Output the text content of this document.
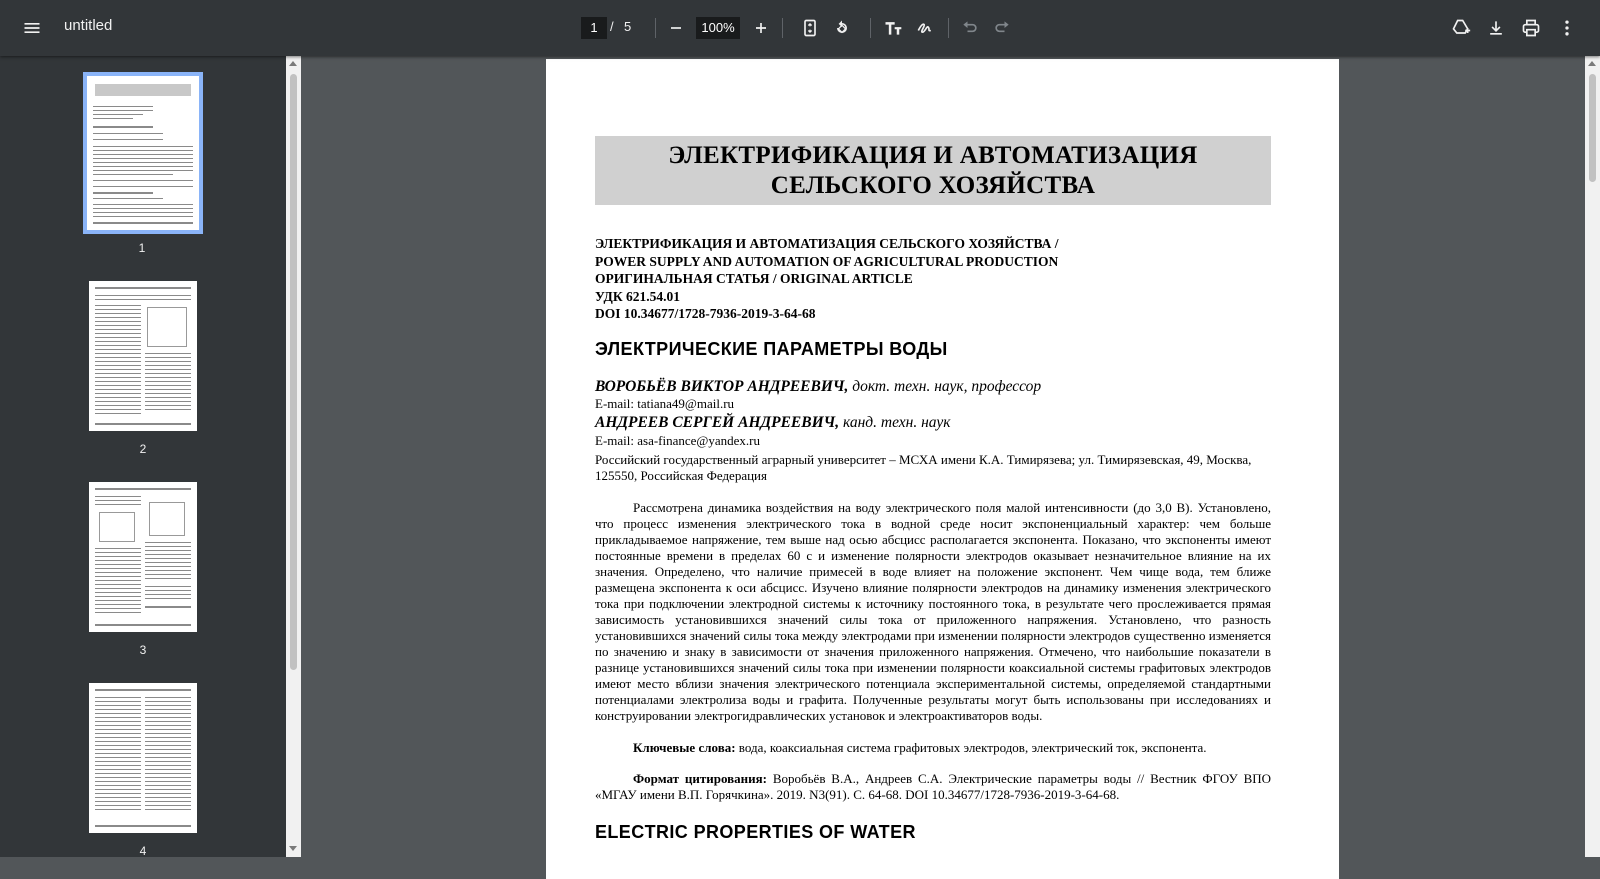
untitled	1 / 5	100%
1
2
3
4
ЭЛЕКТРИФИКАЦИЯ И АВТОМАТИЗАЦИЯ
СЕЛЬСКОГО ХОЗЯЙСТВА
ЭЛЕКТРИФИКАЦИЯ И АВТОМАТИЗАЦИЯ СЕЛЬСКОГО ХОЗЯЙСТВА /
POWER SUPPLY AND AUTOMATION OF AGRICULTURAL PRODUCTION
ОРИГИНАЛЬНАЯ СТАТЬЯ / ORIGINAL ARTICLE
УДК 621.54.01
DOI 10.34677/1728-7936-2019-3-64-68
ЭЛЕКТРИЧЕСКИЕ ПАРАМЕТРЫ ВОДЫ
ВОРОБЬЁВ ВИКТОР АНДРЕЕВИЧ, докт. техн. наук, профессор
E-mail: tatiana49@mail.ru
АНДРЕЕВ СЕРГЕЙ АНДРЕЕВИЧ, канд. техн. наук
E-mail: asa-finance@yandex.ru
Российский государственный аграрный университет – МСХА имени К.А. Тимирязева; ул. Тимирязевская, 49, Москва, 125550, Российская Федерация
Рассмотрена динамика воздействия на воду электрического поля малой интенсивности (до 3,0 В). Установлено, что процесс изменения электрического тока в водной среде носит экспоненциальный характер: чем больше прикладываемое напряжение, тем выше над осью абсцисс располагается экспонента. Показано, что экспоненты имеют постоянные времени в пределах 60 с и изменение полярности электродов оказывает незначительное влияние на их значения. Определено, что наличие примесей в воде влияет на положение экспонент. Чем чище вода, тем ближе размещена экспонента к оси абсцисс. Изучено влияние полярности электродов на динамику изменения электрического тока при подключении электродной системы к источнику постоянного тока, в результате чего прослеживается прямая зависимость установившихся значений силы тока от приложенного напряжения. Установлено, что разность установившихся значений силы тока между электродами при изменении полярности электродов существенно изменяется по значению и знаку в зависимости от значения приложенного напряжения. Отмечено, что наибольшие показатели в разнице установившихся значений силы тока при изменении полярности коаксиальной системы графитовых электродов имеют место вблизи значения электрического потенциала экспериментальной системы, определяемой стандартными потенциалами электролиза воды и графита. Полученные результаты могут быть использованы при исследованиях и конструировании электрогидравлических установок и электроактиваторов воды.
Ключевые слова: вода, коаксиальная система графитовых электродов, электрический ток, экспонента.
Формат цитирования: Воробьёв В.А., Андреев С.А. Электрические параметры воды // Вестник ФГОУ ВПО «МГАУ имени В.П. Горячкина». 2019. N3(91). С. 64-68. DOI 10.34677/1728-7936-2019-3-64-68.
ELECTRIC PROPERTIES OF WATER
